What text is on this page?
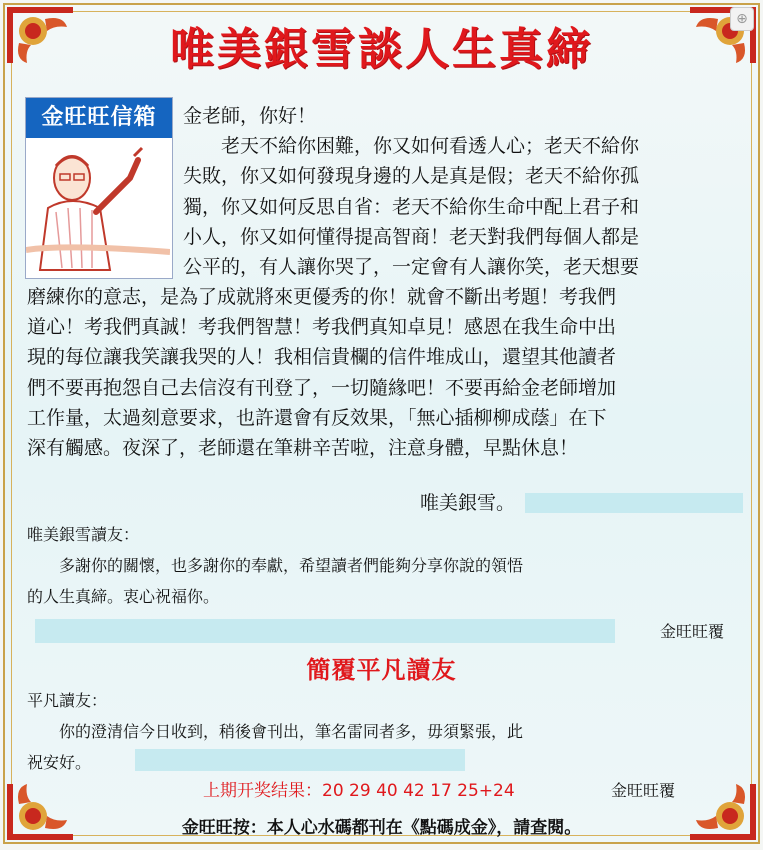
⊕
唯美銀雪談人生真締
金旺旺信箱	金老師，你好！

老天不給你困難，你又如何看透人心；老天不給你

失敗，你又如何發現身邊的人是真是假；老天不給你孤

獨，你又如何反思自省：老天不給你生命中配上君子和

小人，你又如何懂得提高智商！老天對我們每個人都是

公平的，有人讓你哭了，一定會有人讓你笑，老天想要

磨練你的意志，是為了成就將來更優秀的你！就會不斷出考題！考我們

道心！考我們真誠！考我們智慧！考我們真知卓見！感恩在我生命中出

現的每位讓我笑讓我哭的人！我相信貴欄的信件堆成山，還望其他讀者

們不要再抱怨自己去信沒有刊登了，一切隨緣吧！不要再給金老師增加

工作量，太過刻意要求，也許還會有反效果，「無心插柳柳成蔭」在下

深有觸感。夜深了，老師還在筆耕辛苦啦，注意身體，早點休息！

唯美銀雪。

唯美銀雪讀友：

多謝你的關懷，也多謝你的奉獻，希望讀者們能夠分享你說的領悟

的人生真締。衷心祝福你。

金旺旺覆
簡覆平凡讀友

平凡讀友：

你的澄清信今日收到，稍後會刊出，筆名雷同者多，毋須緊張，此

祝安好。

上期开奖结果：20 29 40 42 17 25+24	金旺旺覆
金旺旺按：本人心水碼都刊在《點碼成金》，請查閱。
